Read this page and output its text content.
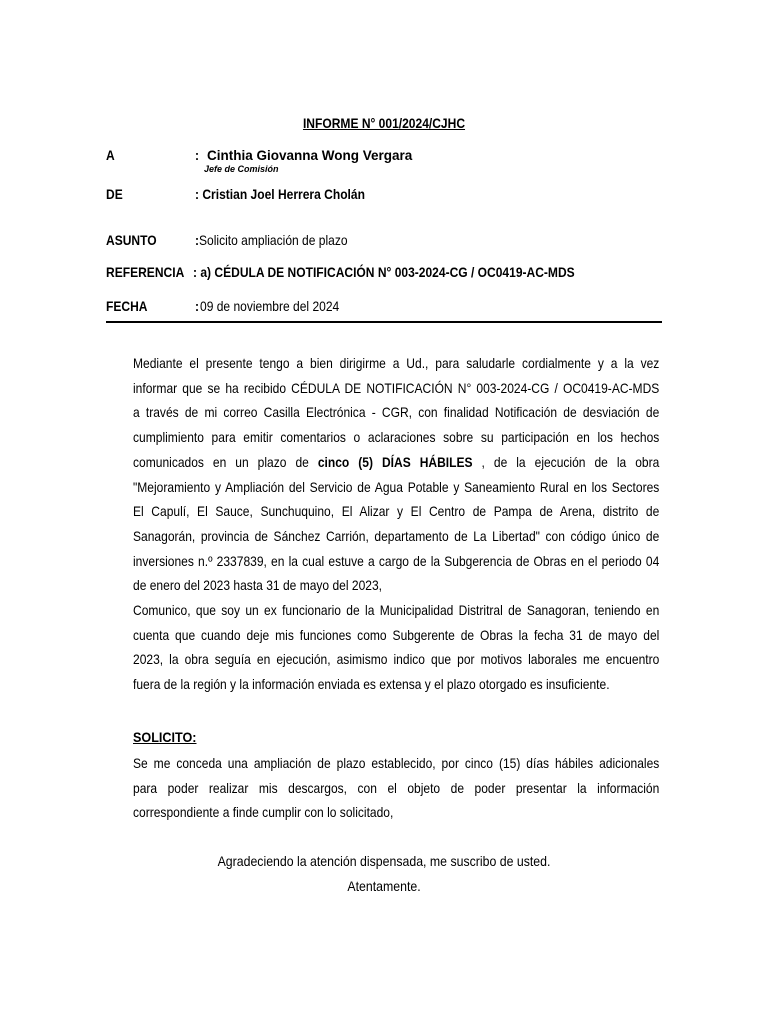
INFORME N° 001/2024/CJHC
A	: Cinthia Giovanna Wong Vergara
Jefe de Comisión
DE	: Cristian Joel Herrera Cholán
ASUNTO	: Solicito ampliación de plazo
REFERENCIA : a) CÉDULA DE NOTIFICACIÓN N° 003-2024-CG / OC0419-AC-MDS
FECHA	: 09 de noviembre del 2024
Mediante el presente tengo a bien dirigirme a Ud., para saludarle cordialmente y a la vez
informar que se ha recibido CÉDULA DE NOTIFICACIÓN N° 003-2024-CG / OC0419-AC-MDS
a través de mi correo Casilla Electrónica - CGR, con finalidad Notificación de desviación de
cumplimiento para emitir comentarios o aclaraciones sobre su participación en los hechos
comunicados en un plazo de cinco (5) DÍAS HÁBILES , de la ejecución de la obra
"Mejoramiento y Ampliación del Servicio de Agua Potable y Saneamiento Rural en los Sectores
El Capulí, El Sauce, Sunchuquino, El Alizar y El Centro de Pampa de Arena, distrito de
Sanagorán, provincia de Sánchez Carrión, departamento de La Libertad" con código único de
inversiones n.º 2337839, en la cual estuve a cargo de la Subgerencia de Obras en el periodo 04
de enero del 2023 hasta 31 de mayo del 2023,
Comunico, que soy un ex funcionario de la Municipalidad Distritral de Sanagoran, teniendo en
cuenta que cuando deje mis funciones como Subgerente de Obras la fecha 31 de mayo del
2023, la obra seguía en ejecución, asimismo indico que por motivos laborales me encuentro
fuera de la región y la información enviada es extensa y el plazo otorgado es insuficiente.
SOLICITO:
Se me conceda una ampliación de plazo establecido, por cinco (15) días hábiles adicionales
para poder realizar mis descargos, con el objeto de poder presentar la información
correspondiente a finde cumplir con lo solicitado,
Agradeciendo la atención dispensada, me suscribo de usted.
Atentamente.
